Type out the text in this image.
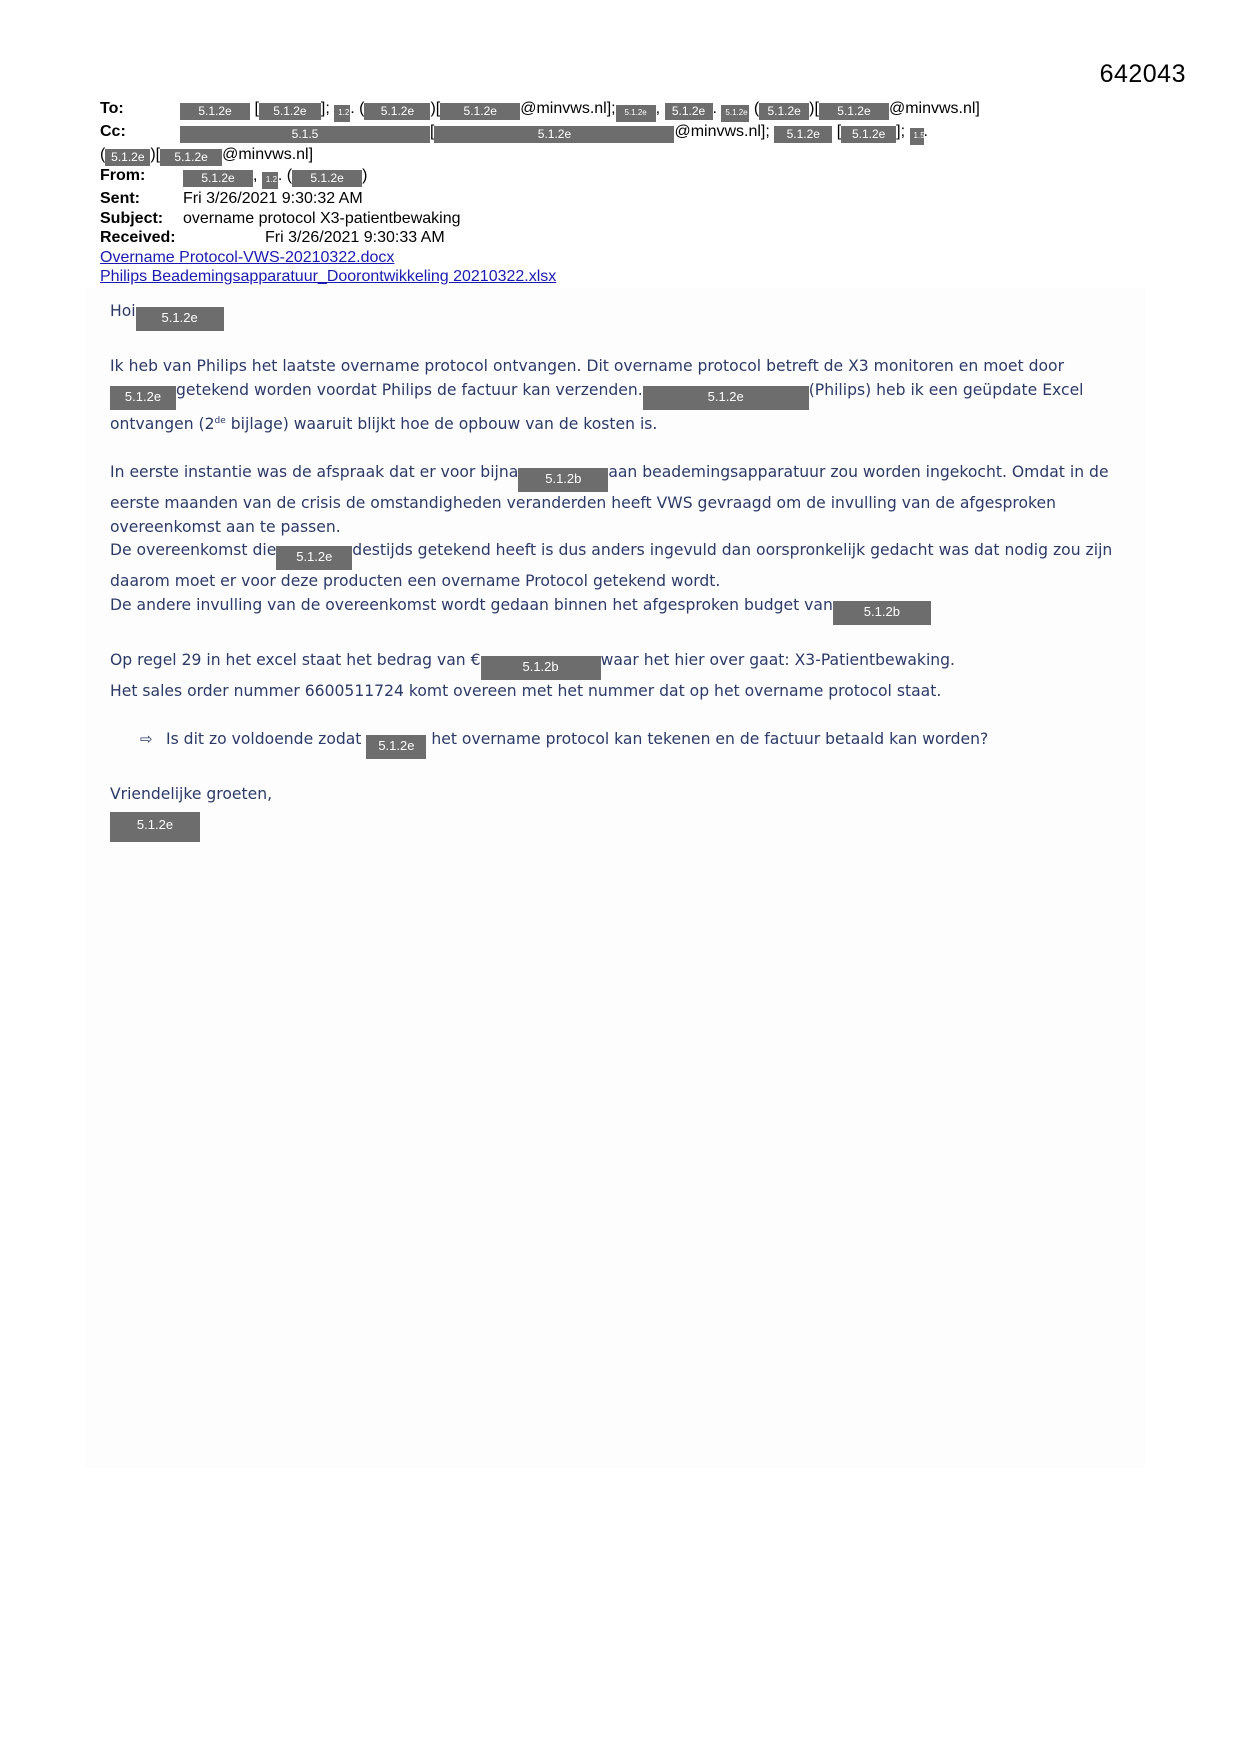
642043
To:	5.1.2e [ 5.1.2e ]; 1.2. ( 5.1.2e )[ 5.1.2e @minvws.nl]; 5.1.2e , 5.1.2e . 5.1.2e ( 5.1.2e )[ 5.1.2e @minvws.nl]
Cc:	5.1.5	[	5.1.2e	@minvws.nl]; 5.1.2e [ 5.1.2e ]; 1.5.
( 5.1.2e )[ 5.1.2e @minvws.nl]
From:	5.1.2e , 1.2. ( 5.1.2e )
Sent:	Fri 3/26/2021 9:30:32 AM
Subject: overname protocol X3-patientbewaking
Received:	Fri 3/26/2021 9:30:33 AM
Overname Protocol-VWS-20210322.docx
Philips Beademingsapparatuur_Doorontwikkeling 20210322.xlsx

Hoi 5.1.2e

Ik heb van Philips het laatste overname protocol ontvangen. Dit overname protocol betreft de X3 monitoren en moet door 5.1.2e getekend worden voordat Philips de factuur kan verzenden.	5.1.2e	(Philips) heb ik een geüpdate Excel ontvangen (2de bijlage) waaruit blijkt hoe de opbouw van de kosten is.

In eerste instantie was de afspraak dat er voor bijna 5.1.2b aan beademingsapparatuur zou worden ingekocht. Omdat in de eerste maanden van de crisis de omstandigheden veranderden heeft VWS gevraagd om de invulling van de afgesproken overeenkomst aan te passen.
De overeenkomst die 5.1.2e destijds getekend heeft is dus anders ingevuld dan oorspronkelijk gedacht was dat nodig zou zijn daarom moet er voor deze producten een overname Protocol getekend wordt.
De andere invulling van de overeenkomst wordt gedaan binnen het afgesproken budget van 5.1.2b

Op regel 29 in het excel staat het bedrag van €	5.1.2b	waar het hier over gaat: X3-Patientbewaking.
Het sales order nummer 6600511724 komt overeen met het nummer dat op het overname protocol staat.

⇨ Is dit zo voldoende zodat 5.1.2e het overname protocol kan tekenen en de factuur betaald kan worden?

Vriendelijke groeten,
5.1.2e
